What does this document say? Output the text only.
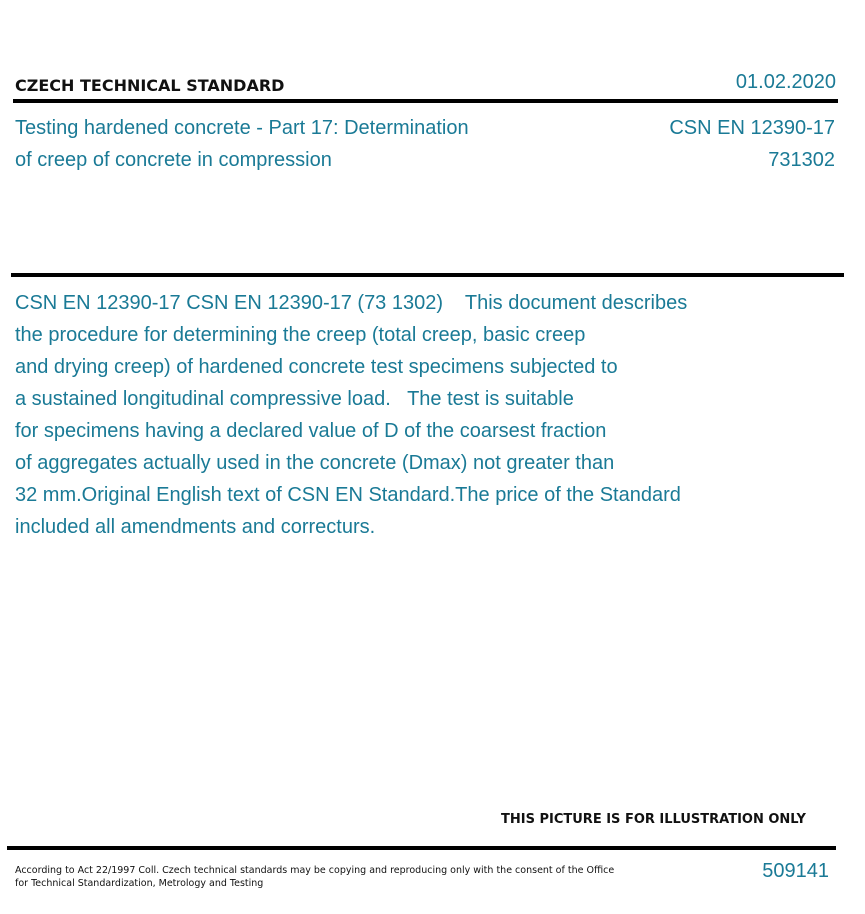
CZECH TECHNICAL STANDARD	01.02.2020
Testing hardened concrete - Part 17: Determination
of creep of concrete in compression
CSN EN 12390-17
731302

CSN EN 12390-17 CSN EN 12390-17 (73 1302)    This document describes

the procedure for determining the creep (total creep, basic creep

and drying creep) of hardened concrete test specimens subjected to

a sustained longitudinal compressive load.   The test is suitable

for specimens having a declared value of D of the coarsest fraction

of aggregates actually used in the concrete (Dmax) not greater than

32 mm.Original English text of CSN EN Standard.The price of the Standard

included all amendments and correcturs.

THIS PICTURE IS FOR ILLUSTRATION ONLY

According to Act 22/1997 Coll. Czech technical standards may be copying and reproducing only with the consent of the Office

for Technical Standardization, Metrology and Testing

509141
